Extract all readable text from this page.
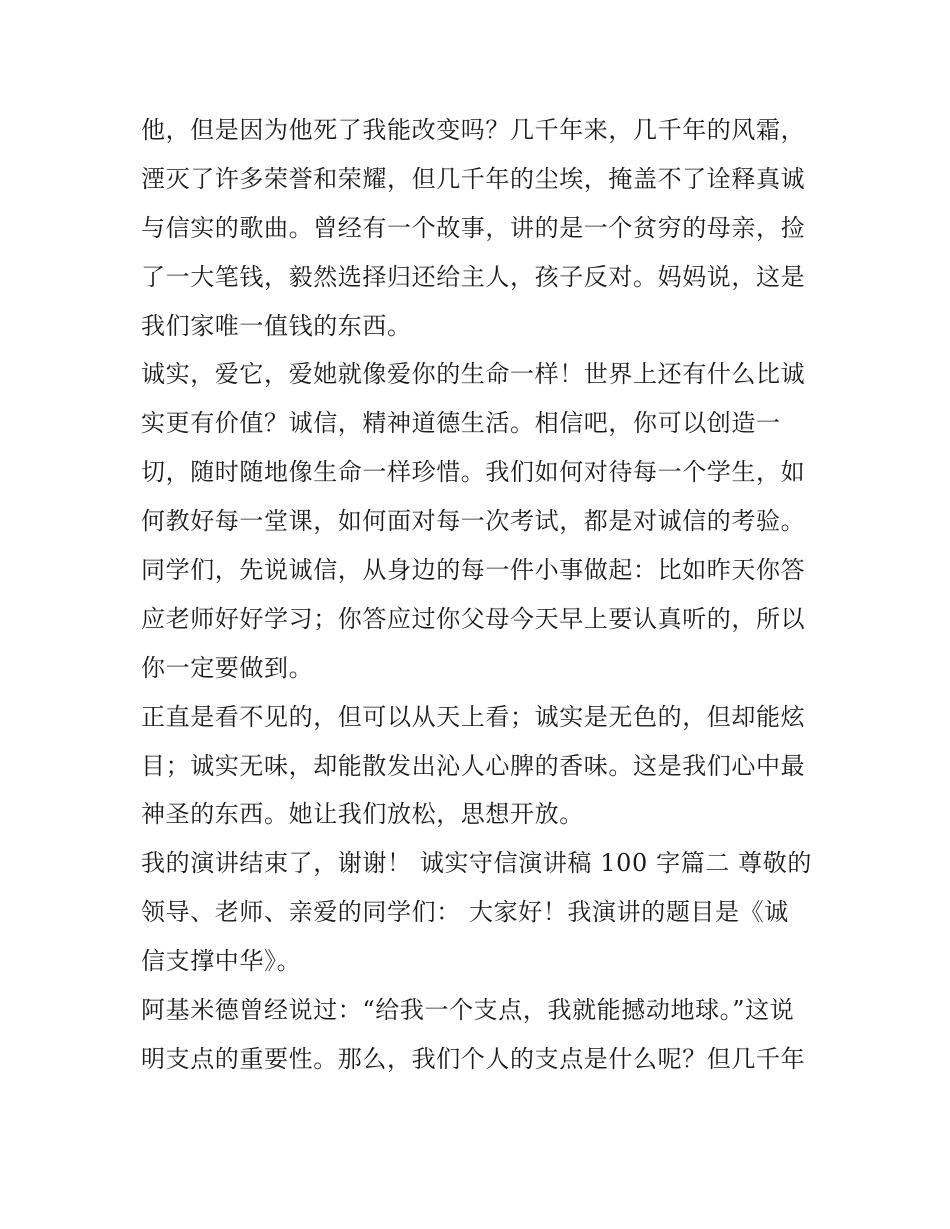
他，但是因为他死了我能改变吗？几千年来，几千年的风霜，
湮灭了许多荣誉和荣耀，但几千年的尘埃，掩盖不了诠释真诚
与信实的歌曲。曾经有一个故事，讲的是一个贫穷的母亲，捡
了一大笔钱，毅然选择归还给主人，孩子反对。妈妈说，这是
我们家唯一值钱的东西。
诚实，爱它，爱她就像爱你的生命一样！世界上还有什么比诚
实更有价值？诚信，精神道德生活。相信吧，你可以创造一
切，随时随地像生命一样珍惜。我们如何对待每一个学生，如
何教好每一堂课，如何面对每一次考试，都是对诚信的考验。
同学们，先说诚信，从身边的每一件小事做起：比如昨天你答
应老师好好学习；你答应过你父母今天早上要认真听的，所以
你一定要做到。
正直是看不见的，但可以从天上看；诚实是无色的，但却能炫
目；诚实无味，却能散发出沁人心脾的香味。这是我们心中最
神圣的东西。她让我们放松，思想开放。
我的演讲结束了，谢谢！ 诚实守信演讲稿 100 字篇二 尊敬的
领导、老师、亲爱的同学们： 大家好！我演讲的题目是《诚
信支撑中华》。
阿基米德曾经说过：“给我一个支点，我就能撼动地球。”这说
明支点的重要性。那么，我们个人的支点是什么呢？但几千年
